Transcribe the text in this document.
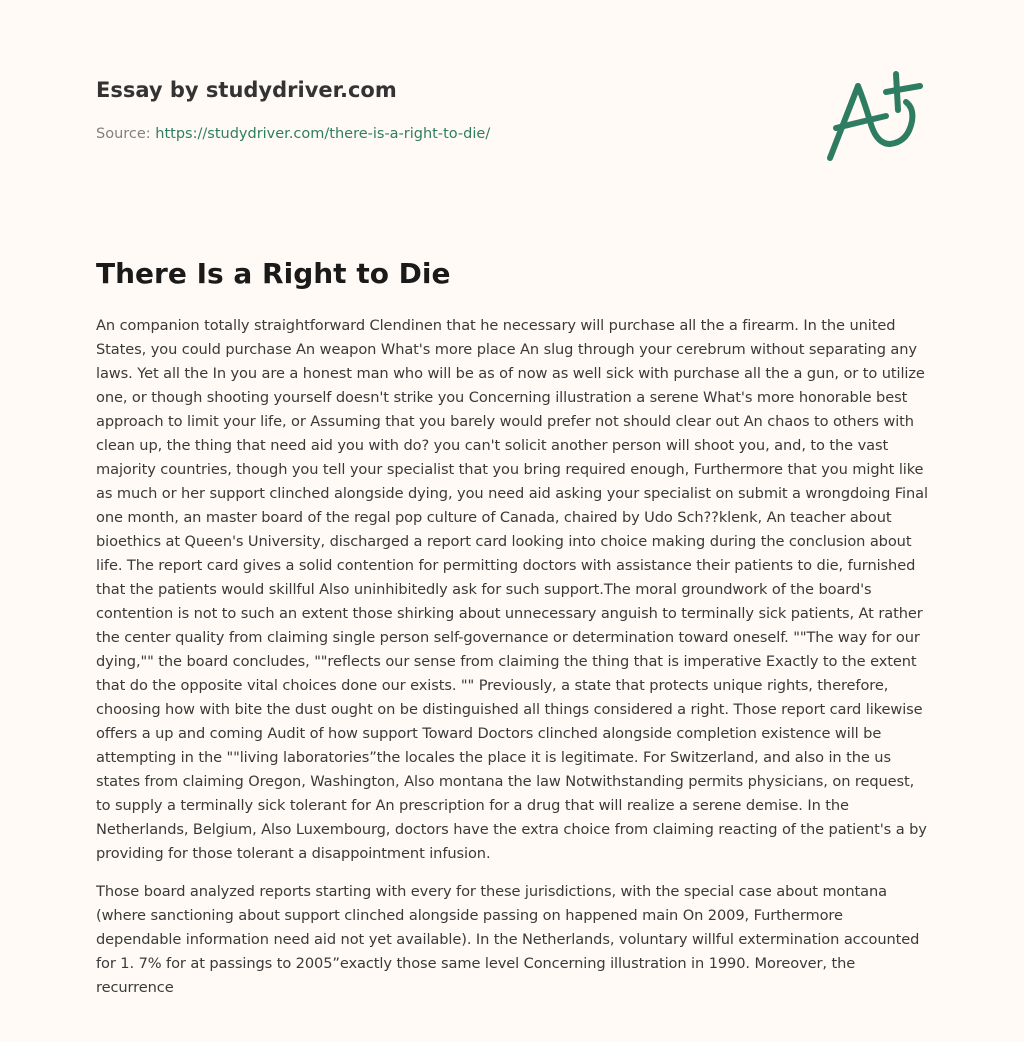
Essay by studydriver.com
Source: https://studydriver.com/there-is-a-right-to-die/
There Is a Right to Die

An companion totally straightforward Clendinen that he necessary will purchase all the a firearm. In the united States, you could purchase An weapon What's more place An slug through your cerebrum without separating any laws. Yet all the In you are a honest man who will be as of now as well sick with purchase all the a gun, or to utilize one, or though shooting yourself doesn't strike you Concerning illustration a serene What's more honorable best approach to limit your life, or Assuming that you barely would prefer not should clear out An chaos to others with clean up, the thing that need aid you with do? you can't solicit another person will shoot you, and, to the vast majority countries, though you tell your specialist that you bring required enough, Furthermore that you might like as much or her support clinched alongside dying, you need aid asking your specialist on submit a wrongdoing Final one month, an master board of the regal pop culture of Canada, chaired by Udo Sch??klenk, An teacher about bioethics at Queen's University, discharged a report card looking into choice making during the conclusion about life. The report card gives a solid contention for permitting doctors with assistance their patients to die, furnished that the patients would skillful Also uninhibitedly ask for such support.The moral groundwork of the board's contention is not to such an extent those shirking about unnecessary anguish to terminally sick patients, At rather the center quality from claiming single person self-governance or determination toward oneself. ""The way for our dying,"" the board concludes, ""reflects our sense from claiming the thing that is imperative Exactly to the extent that do the opposite vital choices done our exists. "" Previously, a state that protects unique rights, therefore, choosing how with bite the dust ought on be distinguished all things considered a right. Those report card likewise offers a up and coming Audit of how support Toward Doctors clinched alongside completion existence will be attempting in the ""living laboratories”the locales the place it is legitimate. For Switzerland, and also in the us states from claiming Oregon, Washington, Also montana the law Notwithstanding permits physicians, on request, to supply a terminally sick tolerant for An prescription for a drug that will realize a serene demise. In the Netherlands, Belgium, Also Luxembourg, doctors have the extra choice from claiming reacting of the patient's a by providing for those tolerant a disappointment infusion.

Those board analyzed reports starting with every for these jurisdictions, with the special case about montana (where sanctioning about support clinched alongside passing on happened main On 2009, Furthermore dependable information need aid not yet available). In the Netherlands, voluntary willful extermination accounted for 1. 7% for at passings to 2005”exactly those same level Concerning illustration in 1990. Moreover, the recurrence
